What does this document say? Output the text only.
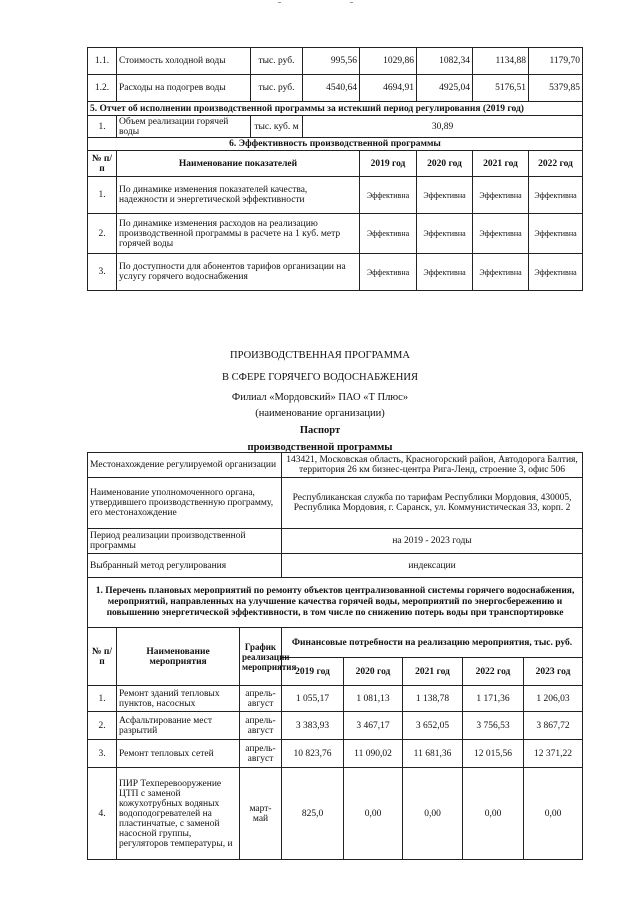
1.1.	Стоимость холодной воды	тыс. руб.	995,56	1029,86	1082,34	1134,88	1179,70	
1.2.	Расходы на подогрев воды	тыс. руб.	4540,64	4694,91	4925,04	5176,51	5379,85	
5. Отчет об исполнении производственной программы за истекший период регулирования (2019 год)								
1.	Объем реализации горячей воды	тыс. куб. м	30,89					
6. Эффективность производственной программы								
№ п/п	Наименование показателей			2019 год	2020 год	2021 год	2022 год	
1.	По динамике изменения показателей качества, надежности и энергетической эффективности			Эффективна	Эффективна	Эффективна	Эффективна	
2.	По динамике изменения расходов на реализацию производственной программы в расчете на 1 куб. метр горячей воды			Эффективна	Эффективна	Эффективна	Эффективна	
3.	По доступности для абонентов тарифов организации на услугу горячего водоснабжения			Эффективна	Эффективна	Эффективна	Эффективна	
ПРОИЗВОДСТВЕННАЯ ПРОГРАММА
В СФЕРЕ ГОРЯЧЕГО ВОДОСНАБЖЕНИЯ
Филиал «Мордовский» ПАО «Т Плюс»
(наименование организации)
Паспорт
производственной программы
Местонахождение регулируемой организации			143421, Московская область, Красногорский район, Автодорога Балтия, территория 26 км бизнес-центра Рига-Ленд, строение 3, офис 506				
Наименование уполномоченного органа, утвердившего производственную программу, его местонахождение			Республиканская служба по тарифам Республики Мордовия, 430005, Республика Мордовия, г. Саранск, ул. Коммунистическая 33, корп. 2				
Период реализации производственной программы			на 2019 - 2023 годы				
Выбранный метод регулирования			индексации				
1. Перечень плановых мероприятий по ремонту объектов централизованной системы горячего водоснабжения, мероприятий, направленных на улучшение качества горячей воды, мероприятий по энергосбережению и повышению энергетической эффективности, в том числе по снижению потерь воды при транспортировке							
№ п/п	Наименование мероприятия	График реализации мероприятия	Финансовые потребности на реализацию мероприятия, тыс. руб.				
			2019 год	2020 год	2021 год	2022 год	2023 год
1.	Ремонт зданий тепловых пунктов, насосных	апрель-август	1 055,17	1 081,13	1 138,78	1 171,36	1 206,03
2.	Асфальтирование мест разрытий	апрель-август	3 383,93	3 467,17	3 652,05	3 756,53	3 867,72
3.	Ремонт тепловых сетей	апрель-август	10 823,76	11 090,02	11 681,36	12 015,56	12 371,22
4.	ПИР Техперевооружение ЦТП с заменой кожухотрубных водяных водоподогревателей на пластинчатые, с заменой насосной группы, регуляторов температуры, и	март-май	825,0	0,00	0,00	0,00	0,00
